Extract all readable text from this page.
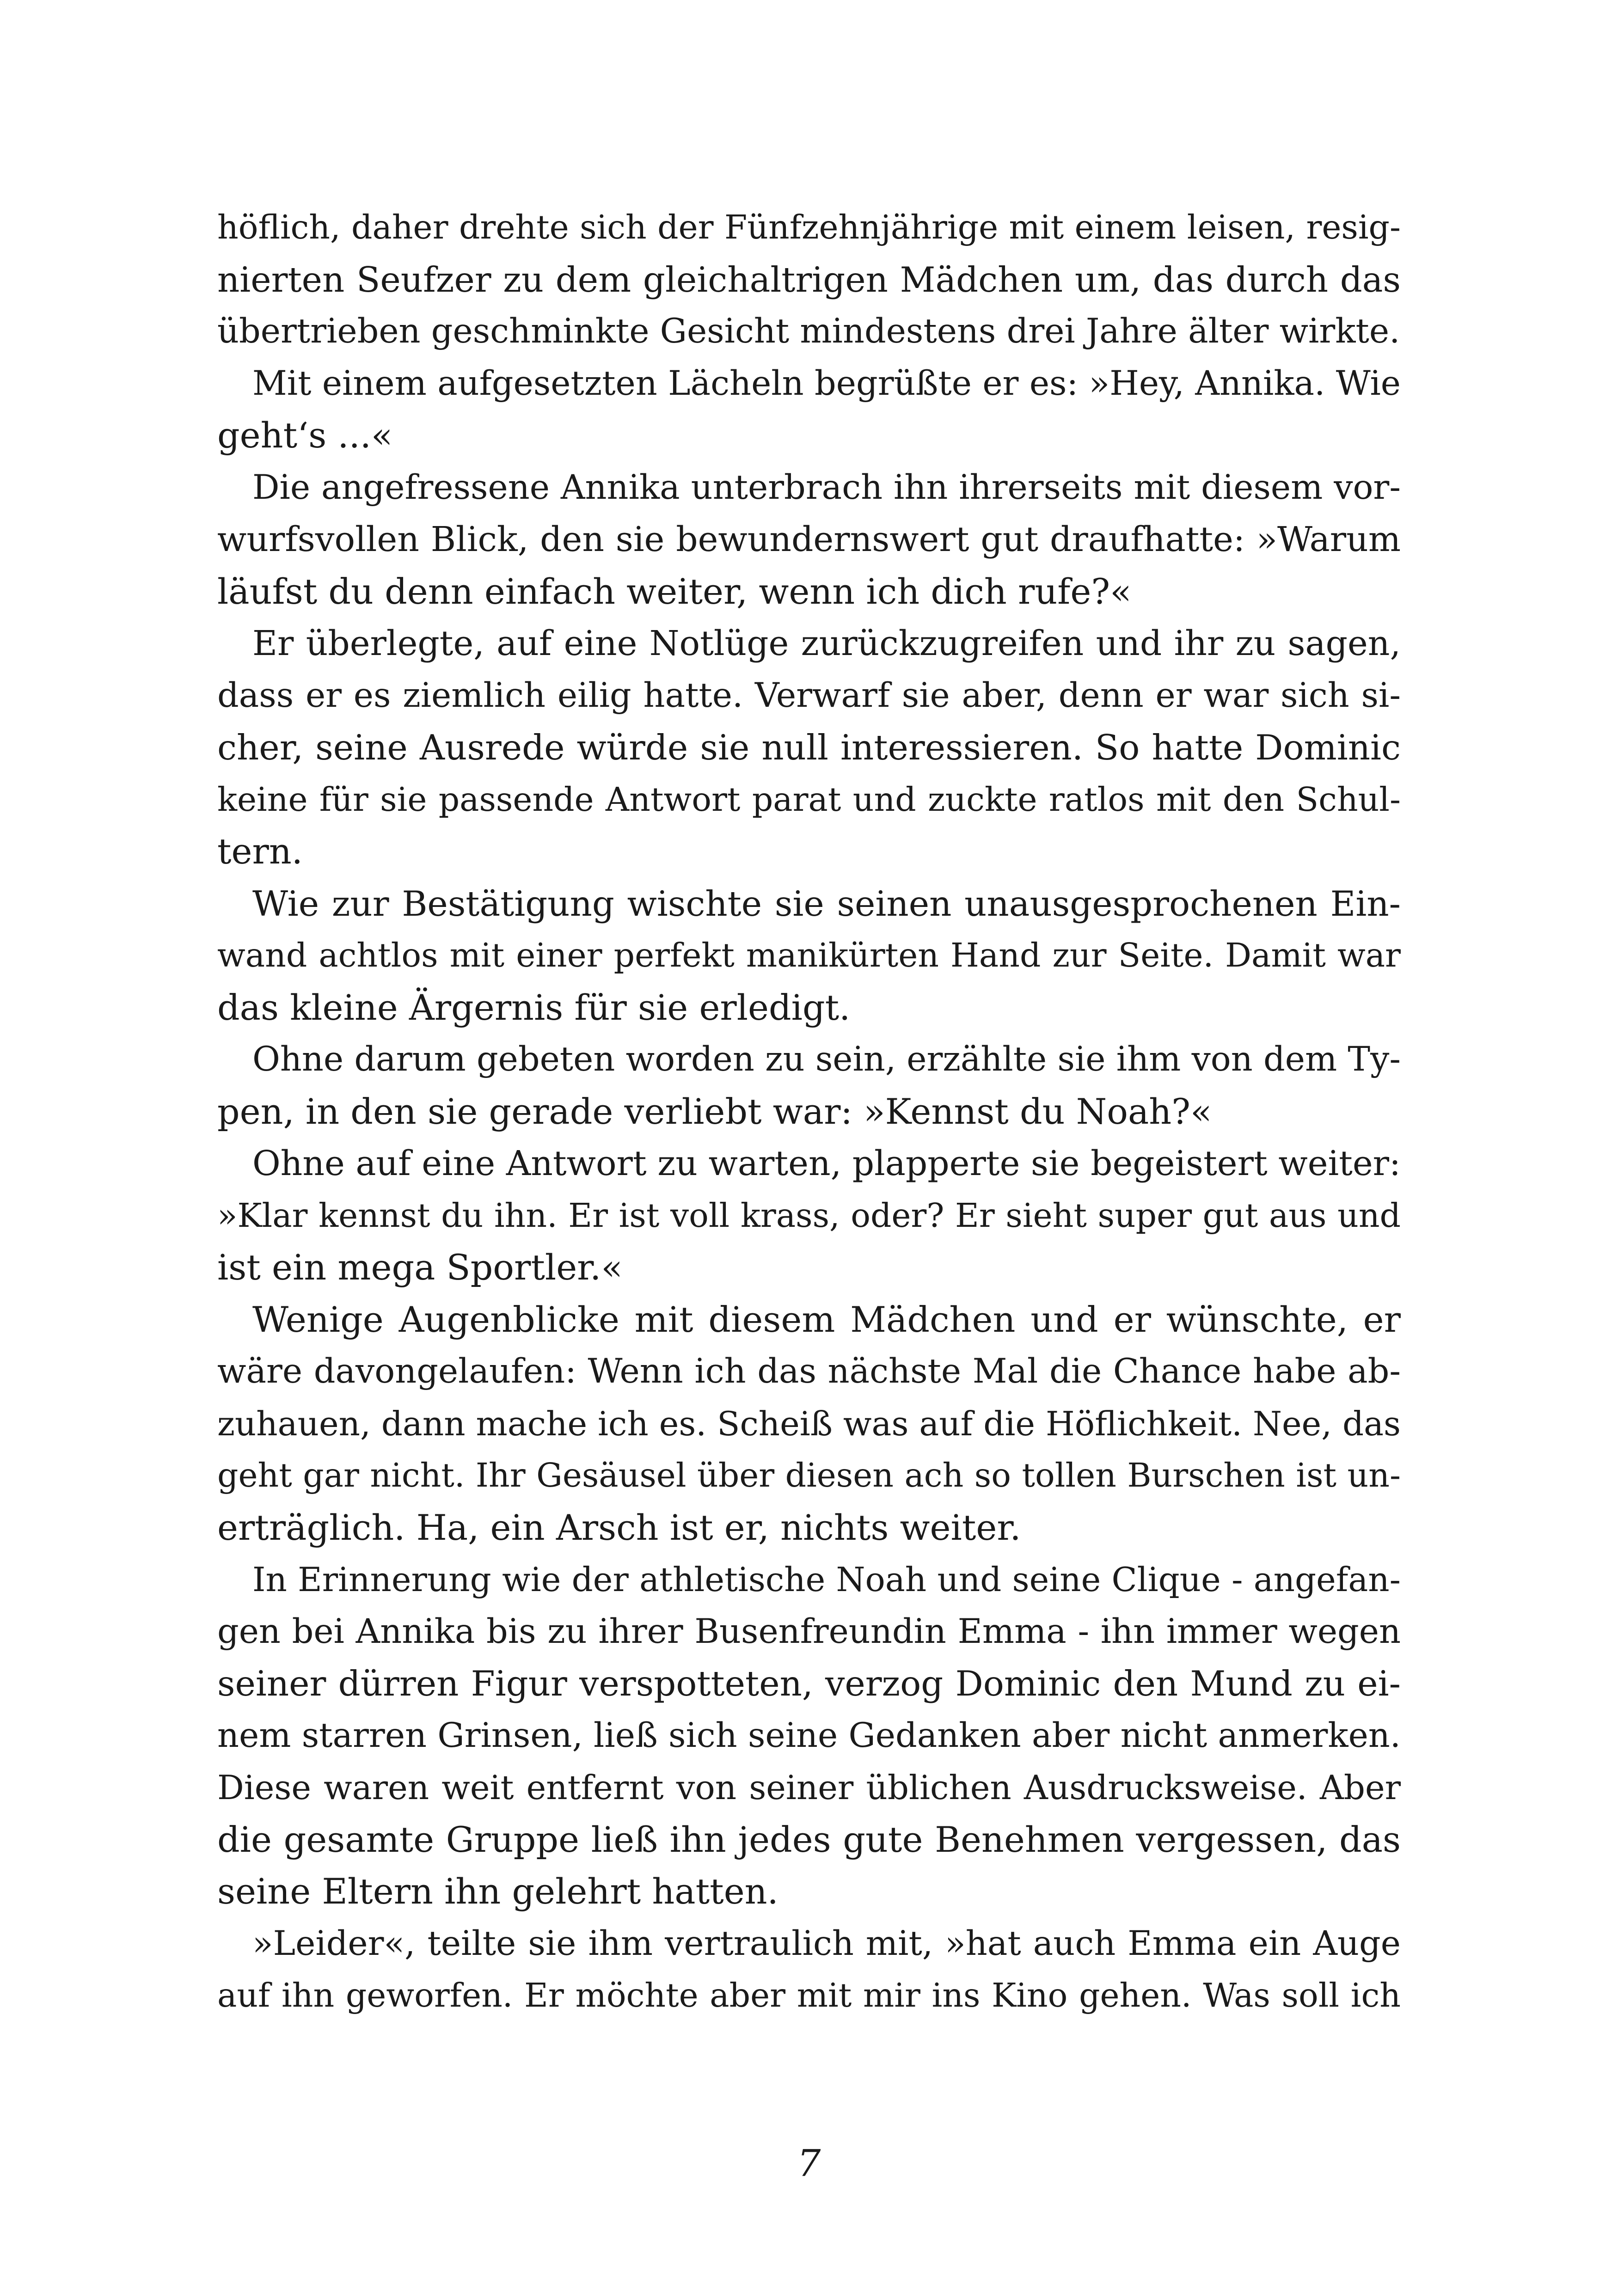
höflich, daher drehte sich der Fünfzehnjährige mit einem leisen, resig-
nierten Seufzer zu dem gleichaltrigen Mädchen um, das durch das
übertrieben geschminkte Gesicht mindestens drei Jahre älter wirkte.
Mit einem aufgesetzten Lächeln begrüßte er es: »Hey, Annika. Wie
geht‘s ...«
Die angefressene Annika unterbrach ihn ihrerseits mit diesem vor-
wurfsvollen Blick, den sie bewundernswert gut draufhatte: »Warum
läufst du denn einfach weiter, wenn ich dich rufe?«
Er überlegte, auf eine Notlüge zurückzugreifen und ihr zu sagen,
dass er es ziemlich eilig hatte. Verwarf sie aber, denn er war sich si-
cher, seine Ausrede würde sie null interessieren. So hatte Dominic
keine für sie passende Antwort parat und zuckte ratlos mit den Schul-
tern.
Wie zur Bestätigung wischte sie seinen unausgesprochenen Ein-
wand achtlos mit einer perfekt manikürten Hand zur Seite. Damit war
das kleine Ärgernis für sie erledigt.
Ohne darum gebeten worden zu sein, erzählte sie ihm von dem Ty-
pen, in den sie gerade verliebt war: »Kennst du Noah?«
Ohne auf eine Antwort zu warten, plapperte sie begeistert weiter:
»Klar kennst du ihn. Er ist voll krass, oder? Er sieht super gut aus und
ist ein mega Sportler.«
Wenige Augenblicke mit diesem Mädchen und er wünschte, er
wäre davongelaufen: Wenn ich das nächste Mal die Chance habe ab-
zuhauen, dann mache ich es. Scheiß was auf die Höflichkeit. Nee, das
geht gar nicht. Ihr Gesäusel über diesen ach so tollen Burschen ist un-
erträglich. Ha, ein Arsch ist er, nichts weiter.
In Erinnerung wie der athletische Noah und seine Clique - angefan-
gen bei Annika bis zu ihrer Busenfreundin Emma - ihn immer wegen
seiner dürren Figur verspotteten, verzog Dominic den Mund zu ei-
nem starren Grinsen, ließ sich seine Gedanken aber nicht anmerken.
Diese waren weit entfernt von seiner üblichen Ausdrucksweise. Aber
die gesamte Gruppe ließ ihn jedes gute Benehmen vergessen, das
seine Eltern ihn gelehrt hatten.
»Leider«, teilte sie ihm vertraulich mit, »hat auch Emma ein Auge
auf ihn geworfen. Er möchte aber mit mir ins Kino gehen. Was soll ich
7
